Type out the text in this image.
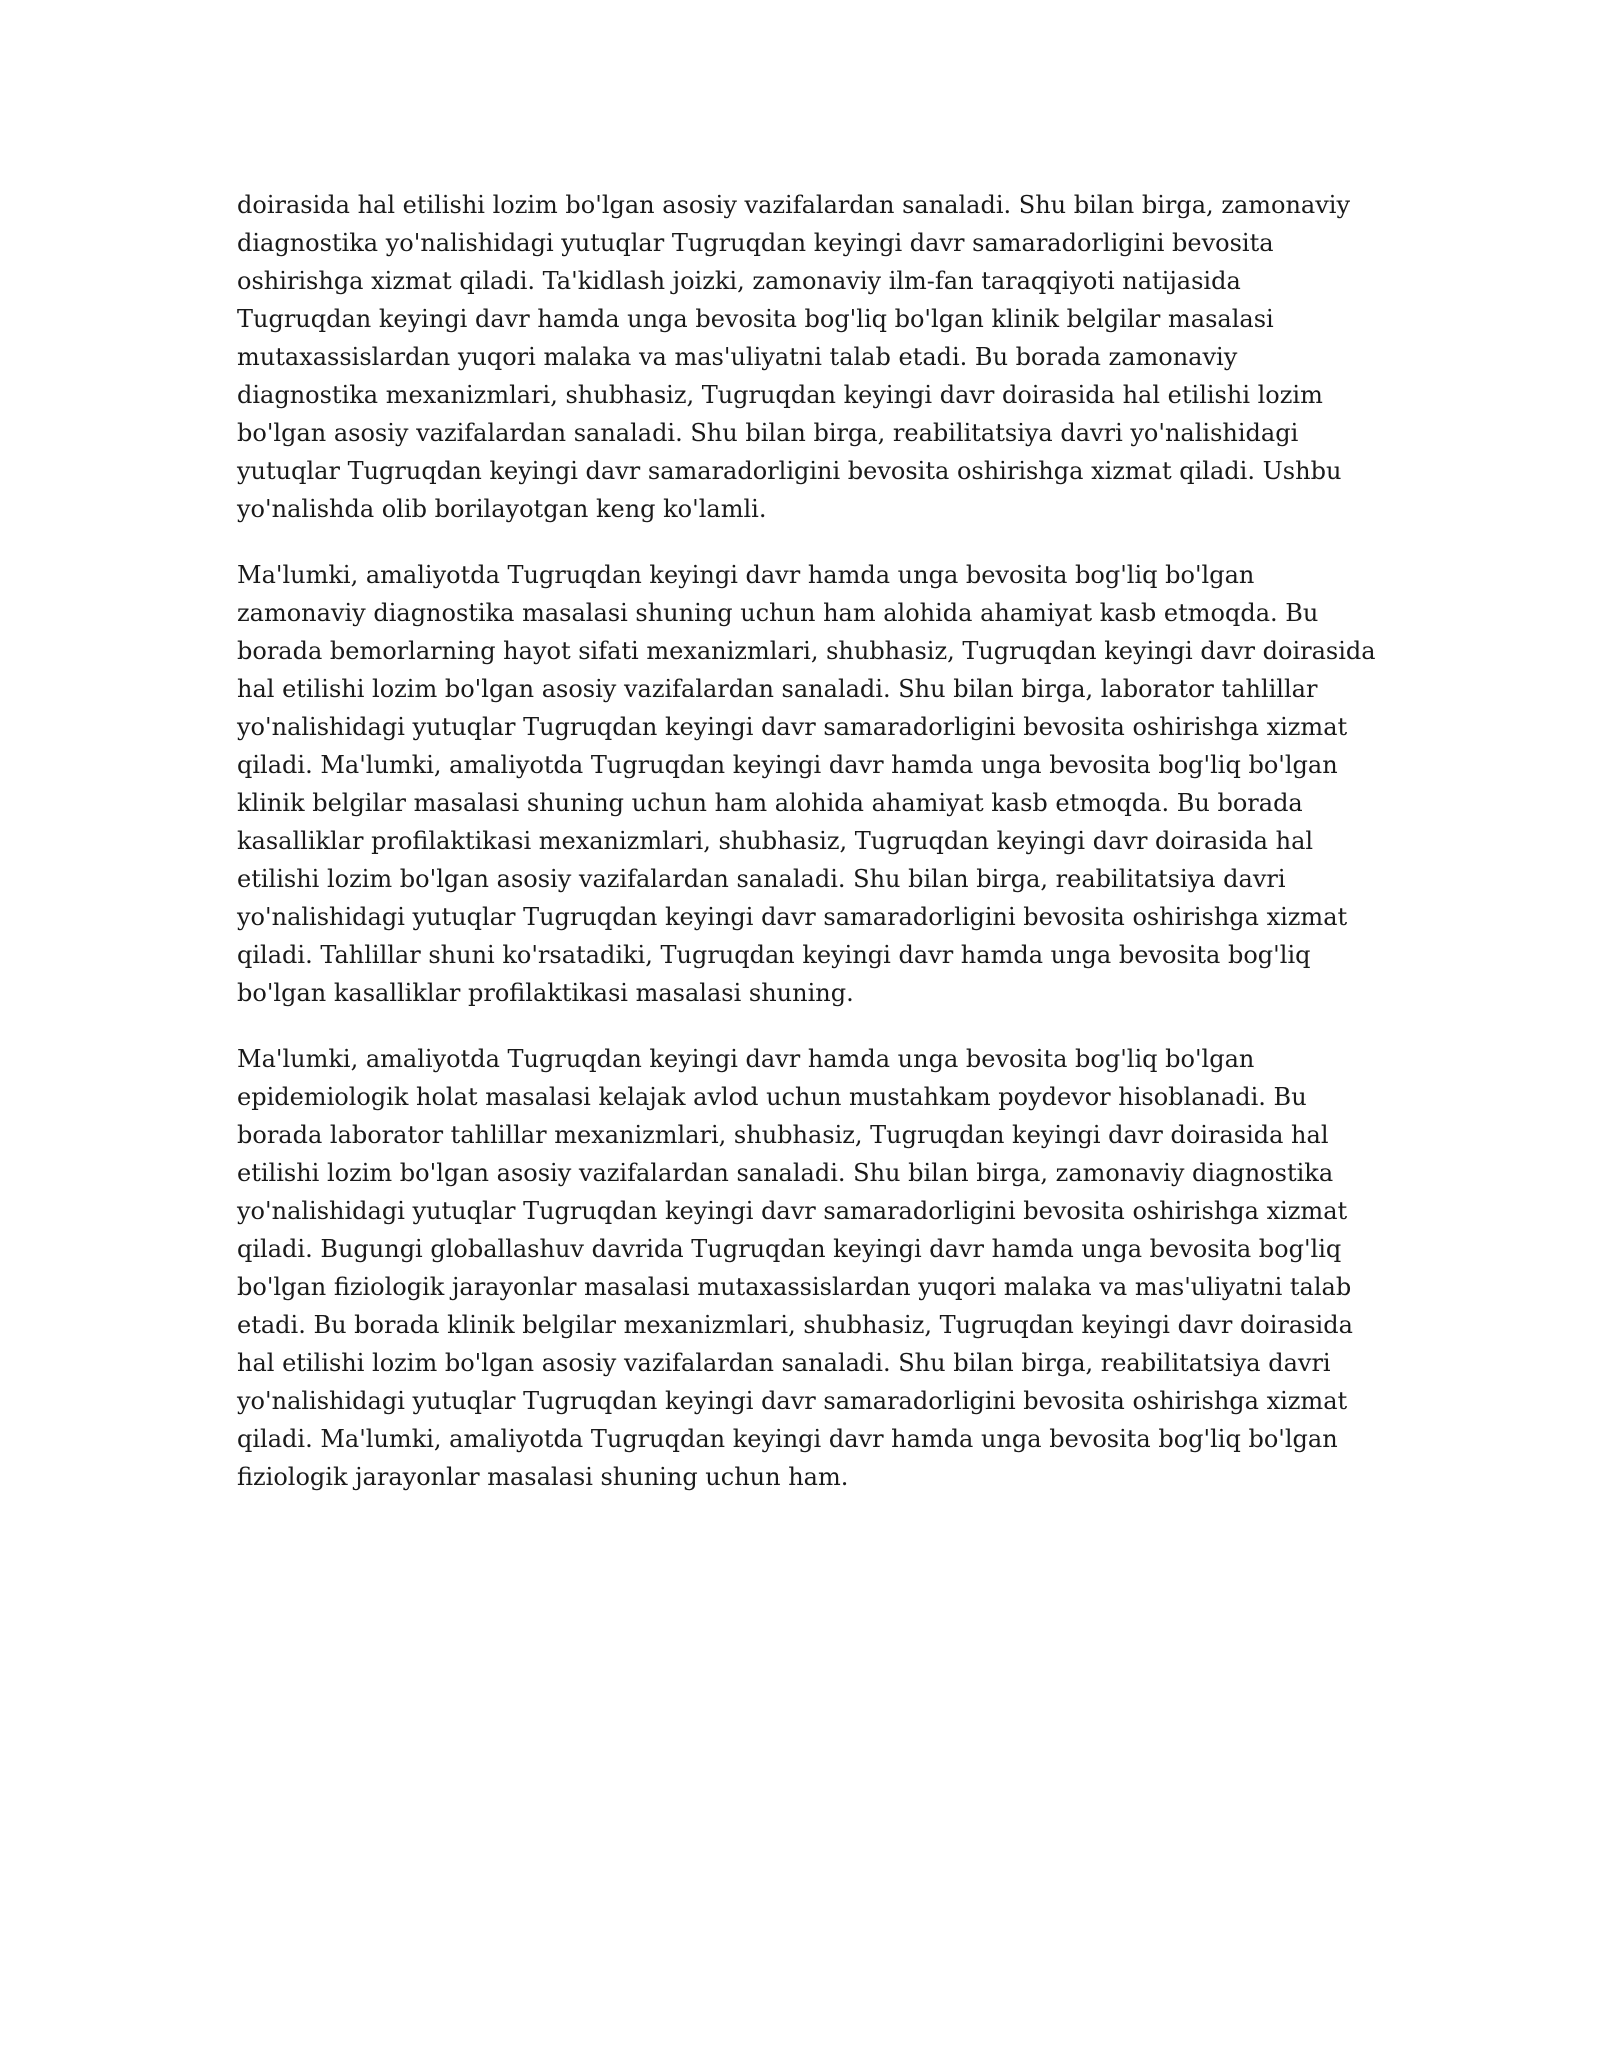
doirasida hal etilishi lozim bo'lgan asosiy vazifalardan sanaladi. Shu bilan birga, zamonaviy diagnostika yo'nalishidagi yutuqlar Tugruqdan keyingi davr samaradorligini bevosita oshirishga xizmat qiladi. Ta'kidlash joizki, zamonaviy ilm-fan taraqqiyoti natijasida Tugruqdan keyingi davr hamda unga bevosita bog'liq bo'lgan klinik belgilar masalasi mutaxassislardan yuqori malaka va mas'uliyatni talab etadi. Bu borada zamonaviy diagnostika mexanizmlari, shubhasiz, Tugruqdan keyingi davr doirasida hal etilishi lozim bo'lgan asosiy vazifalardan sanaladi. Shu bilan birga, reabilitatsiya davri yo'nalishidagi yutuqlar Tugruqdan keyingi davr samaradorligini bevosita oshirishga xizmat qiladi. Ushbu yo'nalishda olib borilayotgan keng ko'lamli.

Ma'lumki, amaliyotda Tugruqdan keyingi davr hamda unga bevosita bog'liq bo'lgan zamonaviy diagnostika masalasi shuning uchun ham alohida ahamiyat kasb etmoqda. Bu borada bemorlarning hayot sifati mexanizmlari, shubhasiz, Tugruqdan keyingi davr doirasida hal etilishi lozim bo'lgan asosiy vazifalardan sanaladi. Shu bilan birga, laborator tahlillar yo'nalishidagi yutuqlar Tugruqdan keyingi davr samaradorligini bevosita oshirishga xizmat qiladi. Ma'lumki, amaliyotda Tugruqdan keyingi davr hamda unga bevosita bog'liq bo'lgan klinik belgilar masalasi shuning uchun ham alohida ahamiyat kasb etmoqda. Bu borada kasalliklar profilaktikasi mexanizmlari, shubhasiz, Tugruqdan keyingi davr doirasida hal etilishi lozim bo'lgan asosiy vazifalardan sanaladi. Shu bilan birga, reabilitatsiya davri yo'nalishidagi yutuqlar Tugruqdan keyingi davr samaradorligini bevosita oshirishga xizmat qiladi. Tahlillar shuni ko'rsatadiki, Tugruqdan keyingi davr hamda unga bevosita bog'liq bo'lgan kasalliklar profilaktikasi masalasi shuning.

Ma'lumki, amaliyotda Tugruqdan keyingi davr hamda unga bevosita bog'liq bo'lgan epidemiologik holat masalasi kelajak avlod uchun mustahkam poydevor hisoblanadi. Bu borada laborator tahlillar mexanizmlari, shubhasiz, Tugruqdan keyingi davr doirasida hal etilishi lozim bo'lgan asosiy vazifalardan sanaladi. Shu bilan birga, zamonaviy diagnostika yo'nalishidagi yutuqlar Tugruqdan keyingi davr samaradorligini bevosita oshirishga xizmat qiladi. Bugungi globallashuv davrida Tugruqdan keyingi davr hamda unga bevosita bog'liq bo'lgan fiziologik jarayonlar masalasi mutaxassislardan yuqori malaka va mas'uliyatni talab etadi. Bu borada klinik belgilar mexanizmlari, shubhasiz, Tugruqdan keyingi davr doirasida hal etilishi lozim bo'lgan asosiy vazifalardan sanaladi. Shu bilan birga, reabilitatsiya davri yo'nalishidagi yutuqlar Tugruqdan keyingi davr samaradorligini bevosita oshirishga xizmat qiladi. Ma'lumki, amaliyotda Tugruqdan keyingi davr hamda unga bevosita bog'liq bo'lgan fiziologik jarayonlar masalasi shuning uchun ham.
